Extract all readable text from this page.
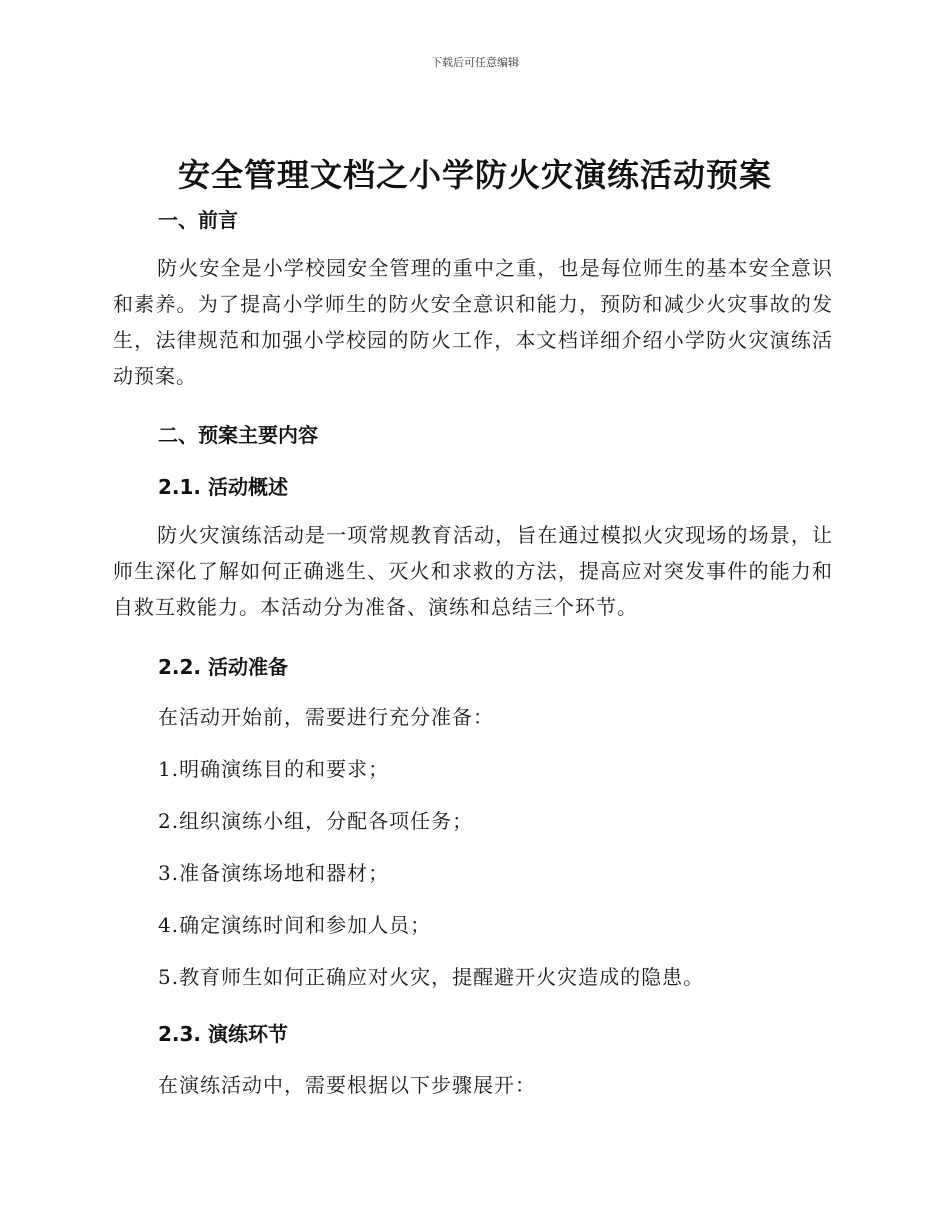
下载后可任意编辑
安全管理文档之小学防火灾演练活动预案
一、前言
防火安全是小学校园安全管理的重中之重，也是每位师生的基本安全意识和素养。为了提高小学师生的防火安全意识和能力，预防和减少火灾事故的发生，法律规范和加强小学校园的防火工作，本文档详细介绍小学防火灾演练活动预案。
二、预案主要内容
2.1. 活动概述
防火灾演练活动是一项常规教育活动，旨在通过模拟火灾现场的场景，让师生深化了解如何正确逃生、灭火和求救的方法，提高应对突发事件的能力和自救互救能力。本活动分为准备、演练和总结三个环节。
2.2. 活动准备
在活动开始前，需要进行充分准备：
1.明确演练目的和要求；
2.组织演练小组，分配各项任务；
3.准备演练场地和器材；
4.确定演练时间和参加人员；
5.教育师生如何正确应对火灾，提醒避开火灾造成的隐患。
2.3. 演练环节
在演练活动中，需要根据以下步骤展开：
